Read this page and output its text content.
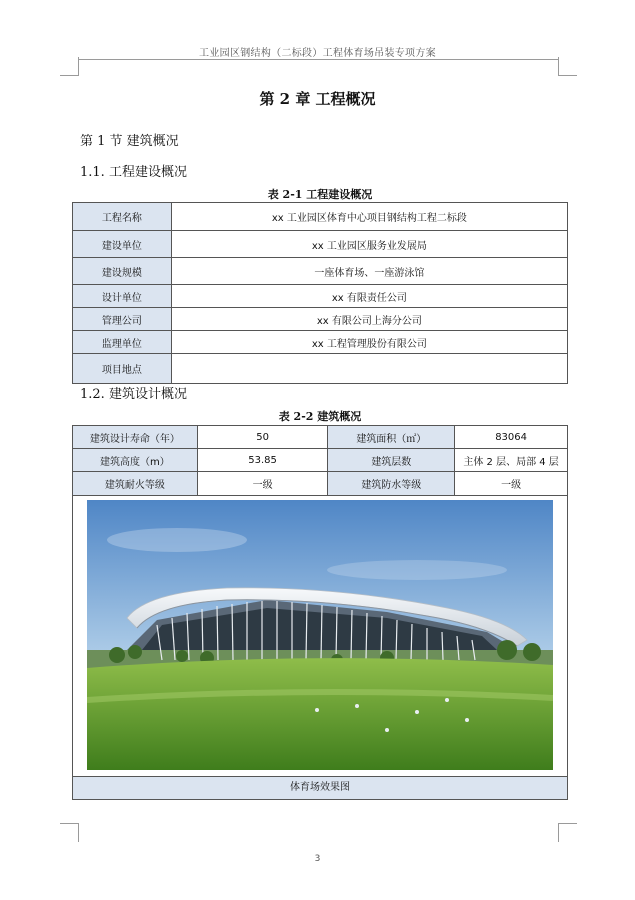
工业园区钢结构（二标段）工程体育场吊装专项方案
第 2 章 工程概况
第 1 节 建筑概况
1.1. 工程建设概况
表 2-1 工程建设概况
工程名称	xx 工业园区体育中心项目钢结构工程二标段
建设单位	xx 工业园区服务业发展局
建设规模	一座体育场、一座游泳馆
设计单位	xx 有限责任公司
管理公司	xx 有限公司上海分公司
监理单位	xx 工程管理股份有限公司
项目地点	
1.2. 建筑设计概况
表 2-2 建筑概况
建筑设计寿命（年）	50	建筑面积（㎡）	83064
建筑高度（m）	53.85	建筑层数	主体 2 层、局部 4 层
建筑耐火等级	一级	建筑防水等级	一级
体育场效果图
3
